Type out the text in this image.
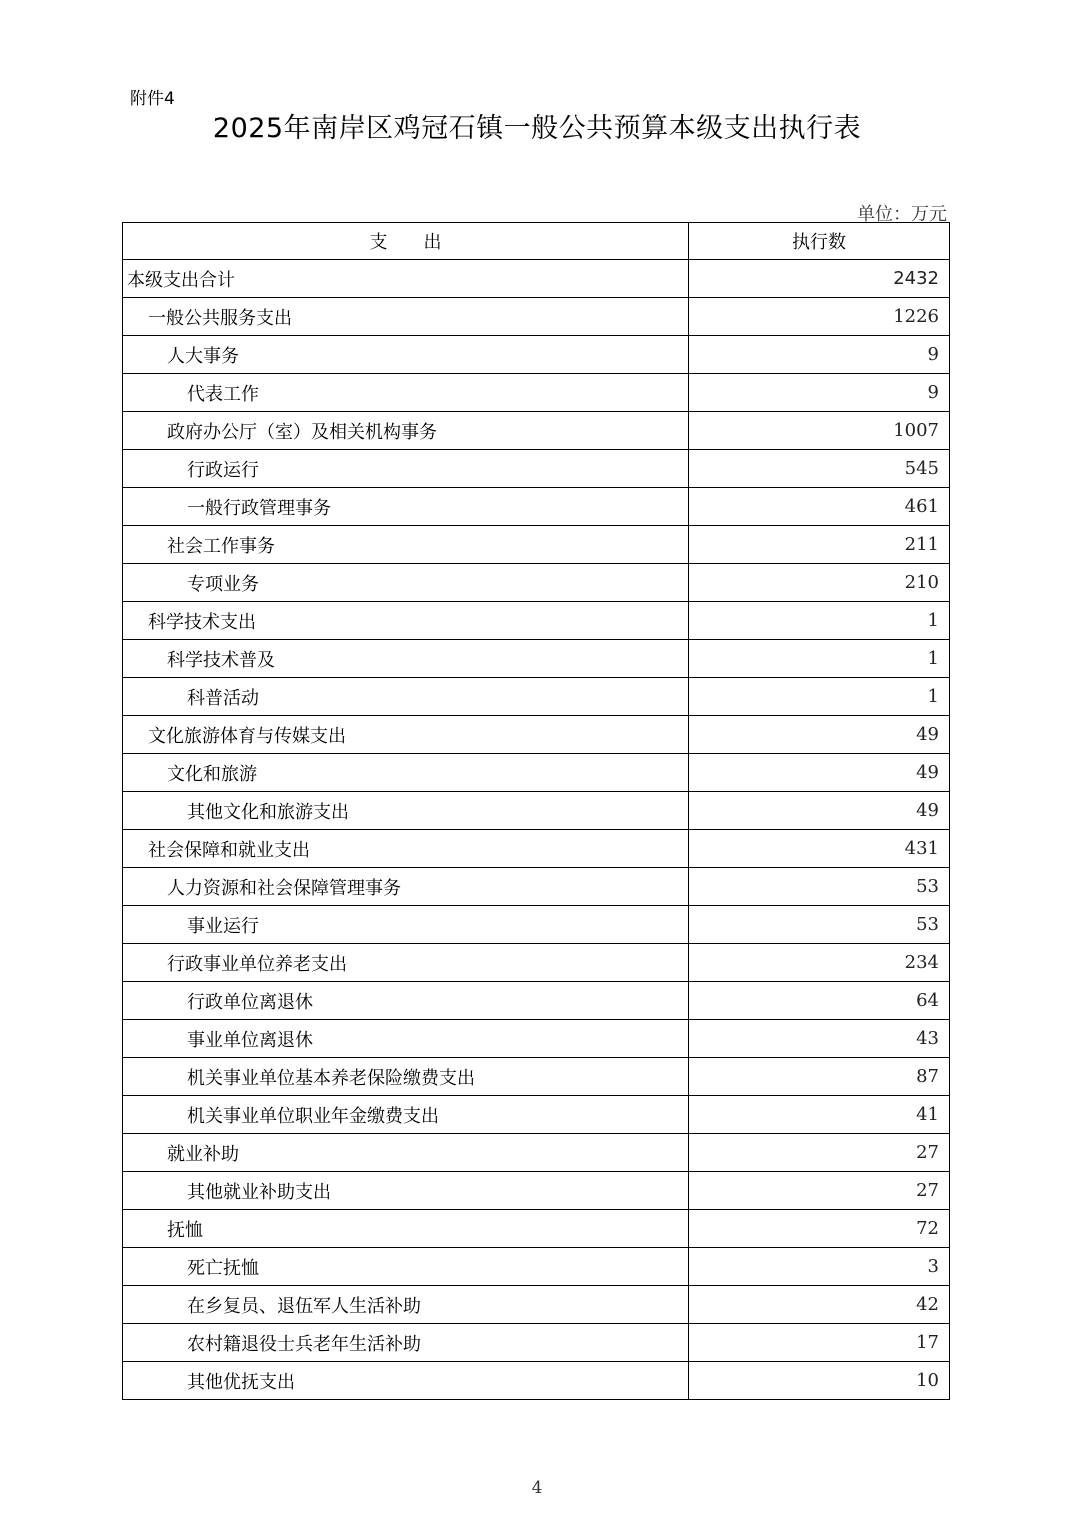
附件4
2025年南岸区鸡冠石镇一般公共预算本级支出执行表
单位：万元
支　　出	执行数
本级支出合计	2432
一般公共服务支出	1226
人大事务	9
代表工作	9
政府办公厅（室）及相关机构事务	1007
行政运行	545
一般行政管理事务	461
社会工作事务	211
专项业务	210
科学技术支出	1
科学技术普及	1
科普活动	1
文化旅游体育与传媒支出	49
文化和旅游	49
其他文化和旅游支出	49
社会保障和就业支出	431
人力资源和社会保障管理事务	53
事业运行	53
行政事业单位养老支出	234
行政单位离退休	64
事业单位离退休	43
机关事业单位基本养老保险缴费支出	87
机关事业单位职业年金缴费支出	41
就业补助	27
其他就业补助支出	27
抚恤	72
死亡抚恤	3
在乡复员、退伍军人生活补助	42
农村籍退役士兵老年生活补助	17
其他优抚支出	10
4
